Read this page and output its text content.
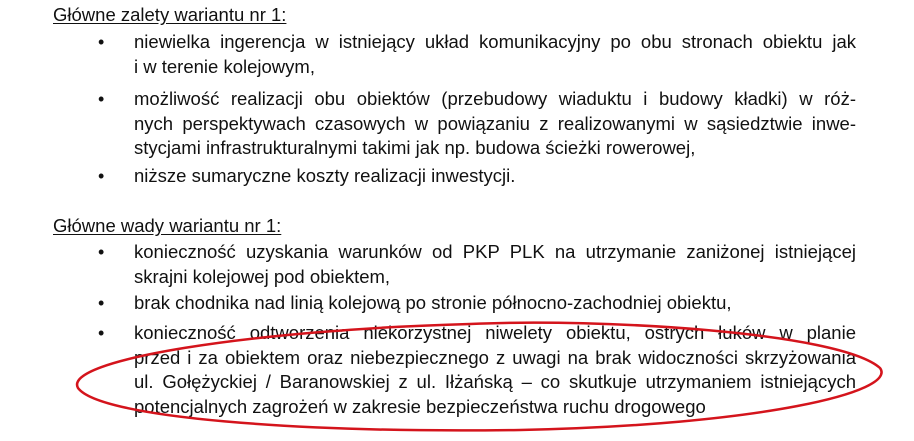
Główne zalety wariantu nr 1:
•	niewielka ingerencja w istniejący układ komunikacyjny po obu stronach obiektu jak
i w terenie kolejowym,
•	możliwość realizacji obu obiektów (przebudowy wiaduktu i budowy kładki) w róż-
nych perspektywach czasowych w powiązaniu z realizowanymi w sąsiedztwie inwe-
stycjami infrastrukturalnymi takimi jak np. budowa ścieżki rowerowej,
•	niższe sumaryczne koszty realizacji inwestycji.
Główne wady wariantu nr 1:
•	konieczność uzyskania warunków od PKP PLK na utrzymanie zaniżonej istniejącej
skrajni kolejowej pod obiektem,
•	brak chodnika nad linią kolejową po stronie północno-zachodniej obiektu,
•	konieczność odtworzenia niekorzystnej niwelety obiektu, ostrych łuków w planie
przed i za obiektem oraz niebezpiecznego z uwagi na brak widoczności skrzyżowania
ul. Gołężyckiej / Baranowskiej z ul. Iłżańską – co skutkuje utrzymaniem istniejących
potencjalnych zagrożeń w zakresie bezpieczeństwa ruchu drogowego
